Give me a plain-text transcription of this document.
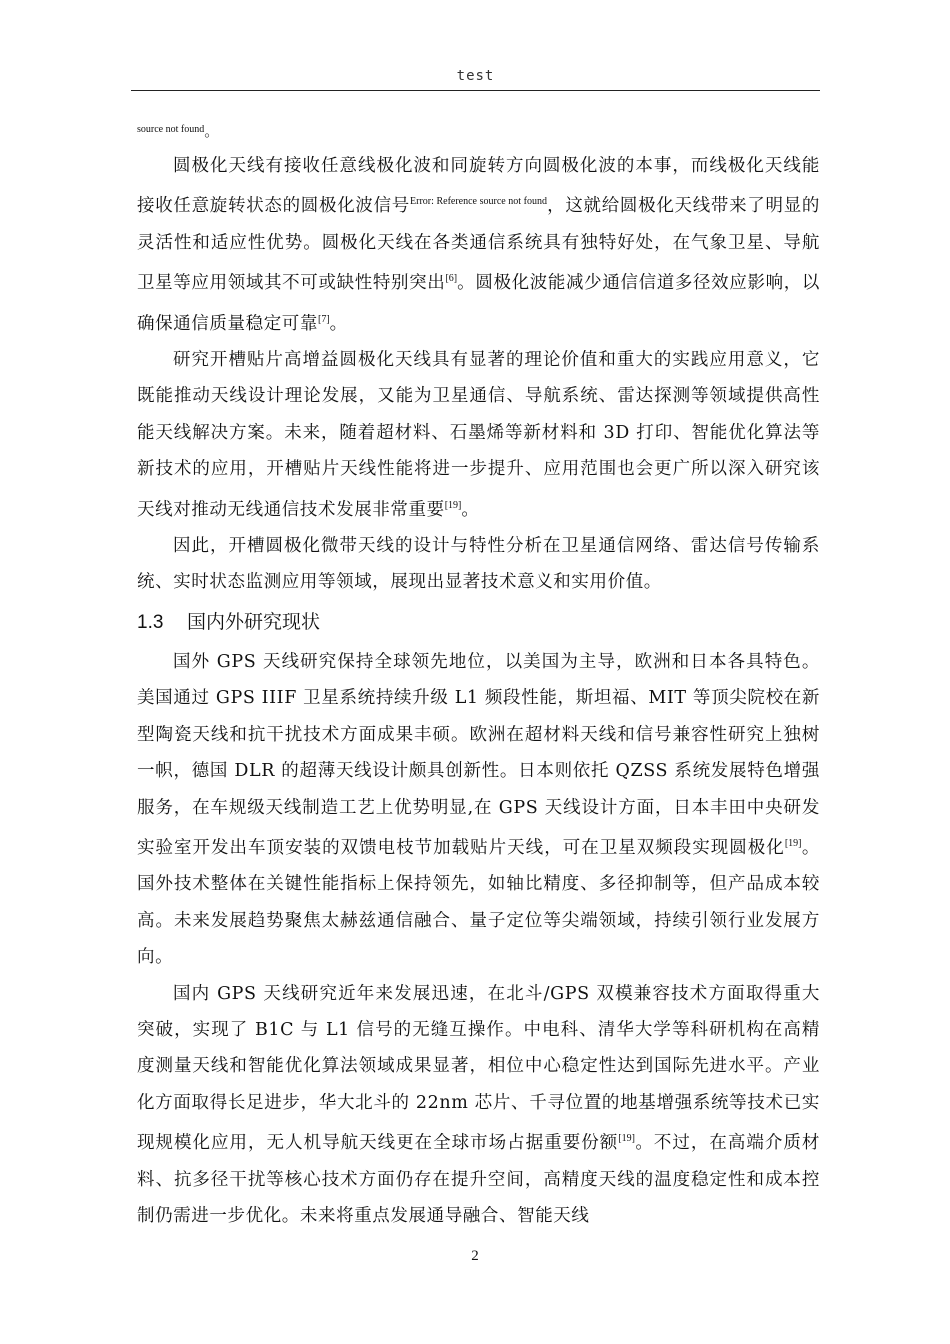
test
$^{source not found}$。

圆极化天线有接收任意线极化波和同旋转方向圆极化波的本事，而线极化天线能接收任意旋转状态的圆极化波信号$^{Error: Reference source not found}$，这就给圆极化天线带来了明显的灵活性和适应性优势。圆极化天线在各类通信系统具有独特好处，在气象卫星、导航卫星等应用领域其不可或缺性特别突出[6]。圆极化波能减少通信信道多径效应影响，以确保通信质量稳定可靠[7]。

研究开槽贴片高增益圆极化天线具有显著的理论价值和重大的实践应用意义，它既能推动天线设计理论发展，又能为卫星通信、导航系统、雷达探测等领域提供高性能天线解决方案。未来，随着超材料、石墨烯等新材料和 3D 打印、智能优化算法等新技术的应用，开槽贴片天线性能将进一步提升、应用范围也会更广所以深入研究该天线对推动无线通信技术发展非常重要[19]。

因此，开槽圆极化微带天线的设计与特性分析在卫星通信网络、雷达信号传输系统、实时状态监测应用等领域，展现出显著技术意义和实用价值。

1.3 国内外研究现状

国外 GPS 天线研究保持全球领先地位，以美国为主导，欧洲和日本各具特色。美国通过 GPS IIIF 卫星系统持续升级 L1 频段性能，斯坦福、MIT 等顶尖院校在新型陶瓷天线和抗干扰技术方面成果丰硕。欧洲在超材料天线和信号兼容性研究上独树一帜，德国 DLR 的超薄天线设计颇具创新性。日本则依托 QZSS 系统发展特色增强服务，在车规级天线制造工艺上优势明显,在 GPS 天线设计方面，日本丰田中央研发实验室开发出车顶安装的双馈电枝节加载贴片天线，可在卫星双频段实现圆极化[19]。国外技术整体在关键性能指标上保持领先，如轴比精度、多径抑制等，但产品成本较高。未来发展趋势聚焦太赫兹通信融合、量子定位等尖端领域，持续引领行业发展方向。

国内 GPS 天线研究近年来发展迅速，在北斗/GPS 双模兼容技术方面取得重大突破，实现了 B1C 与 L1 信号的无缝互操作。中电科、清华大学等科研机构在高精度测量天线和智能优化算法领域成果显著，相位中心稳定性达到国际先进水平。产业化方面取得长足进步，华大北斗的 22nm 芯片、千寻位置的地基增强系统等技术已实现规模化应用，无人机导航天线更在全球市场占据重要份额[19]。不过，在高端介质材料、抗多径干扰等核心技术方面仍存在提升空间，高精度天线的温度稳定性和成本控制仍需进一步优化。未来将重点发展通导融合、智能天线

2
